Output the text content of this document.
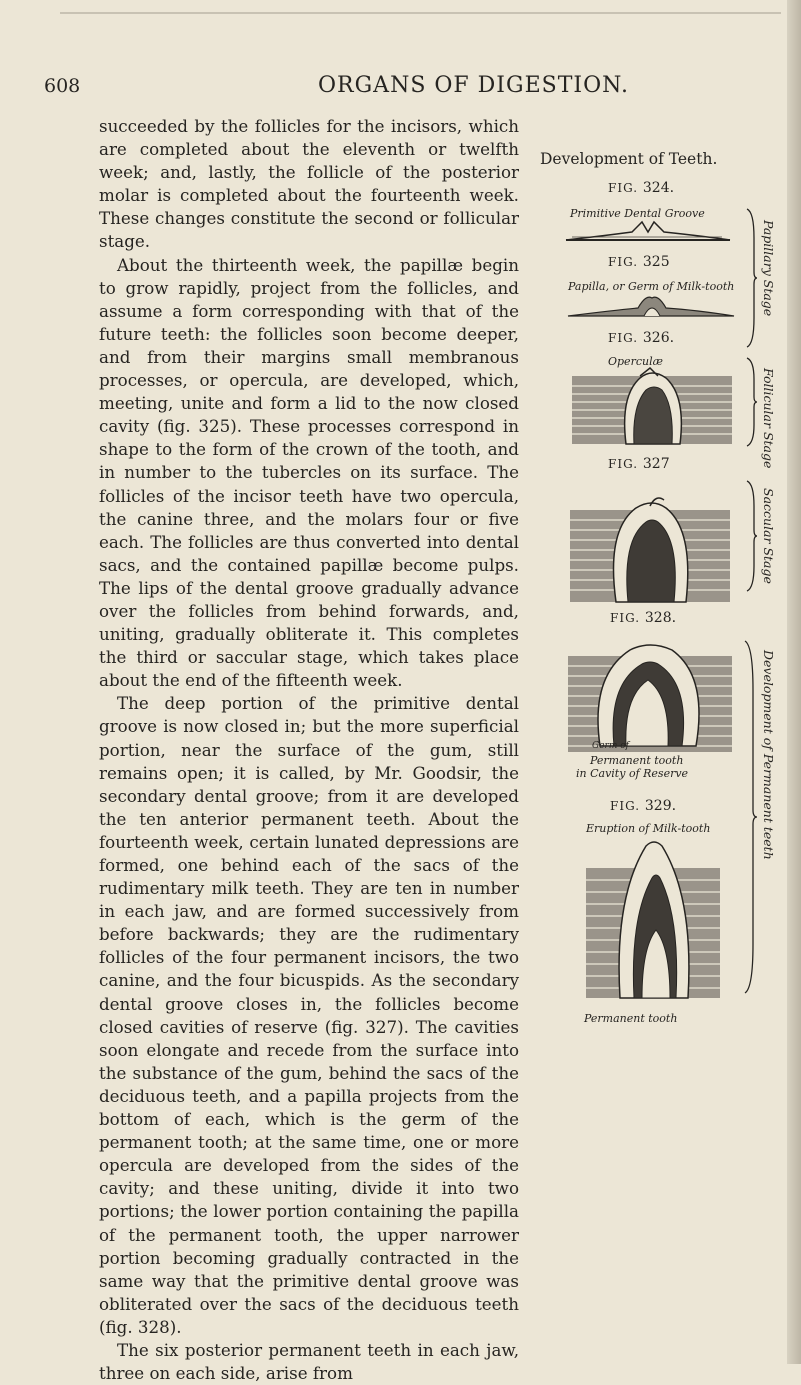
608	ORGANS OF DIGESTION.

succeeded by the follicles for the incisors, which are completed about the eleventh or twelfth week; and, lastly, the follicle of the posterior molar is completed about the fourteenth week. These changes constitute the second or follicular stage.

About the thirteenth week, the papillæ begin to grow rapidly, project from the follicles, and assume a form corresponding with that of the future teeth: the follicles soon become deeper, and from their margins small membranous processes, or opercula, are developed, which, meeting, unite and form a lid to the now closed cavity (fig. 325). These processes correspond in shape to the form of the crown of the tooth, and in number to the tubercles on its surface. The follicles of the incisor teeth have two opercula, the canine three, and the molars four or five each. The follicles are thus converted into dental sacs, and the contained papillæ become pulps. The lips of the dental groove gradually advance over the follicles from behind forwards, and, uniting, gradually obliterate it. This completes the third or saccular stage, which takes place about the end of the fifteenth week.

The deep portion of the primitive dental groove is now closed in; but the more superficial portion, near the surface of the gum, still remains open; it is called, by Mr. Goodsir, the secondary dental groove; from it are developed the ten anterior permanent teeth. About the fourteenth week, certain lunated depressions are formed, one behind each of the sacs of the rudimentary milk teeth. They are ten in number in each jaw, and are formed successively from before backwards; they are the rudimentary follicles of the four permanent incisors, the two canine, and the four bicuspids. As the secondary dental groove closes in, the follicles become closed cavities of reserve (fig. 327). The cavities soon elongate and recede from the surface into the substance of the gum, behind the sacs of the deciduous teeth, and a papilla projects from the bottom of each, which is the germ of the permanent tooth; at the same time, one or more opercula are developed from the sides of the cavity; and these uniting, divide it into two portions; the lower portion containing the papilla of the permanent tooth, the upper narrower portion becoming gradually contracted in the same way that the primitive dental groove was obliterated over the sacs of the deciduous teeth (fig. 328).

The six posterior permanent teeth in each jaw, three on each side, arise from

Development of Teeth.
FIG. 324.
Primitive Dental Groove
FIG. 325
Papilla, or Germ of Milk-tooth
FIG. 326.
Operculæ
FIG. 327
FIG. 328.
Germ of
Permanent tooth
in Cavity of Reserve
FIG. 329.
Eruption of Milk-tooth
Permanent tooth
Papillary Stage
Follicular Stage
Saccular Stage
Development of Permanent teeth
